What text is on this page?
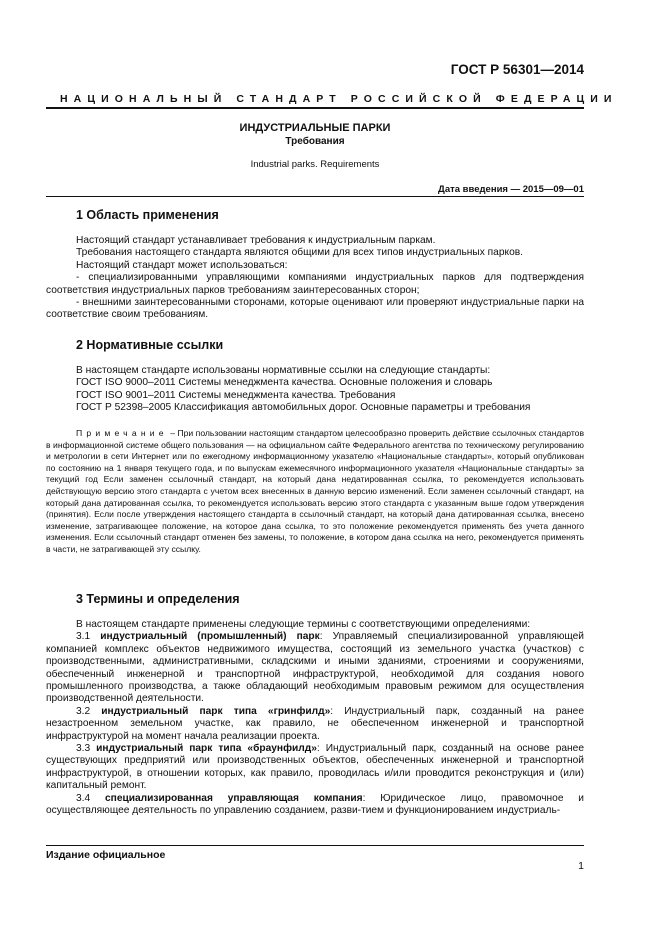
ГОСТ Р 56301—2014
НАЦИОНАЛЬНЫЙ СТАНДАРТ РОССИЙСКОЙ ФЕДЕРАЦИИ
ИНДУСТРИАЛЬНЫЕ ПАРКИ
Требования
Industrial parks. Requirements
Дата введения — 2015—09—01
1 Область применения
Настоящий стандарт устанавливает требования к индустриальным паркам.
Требования настоящего стандарта являются общими для всех типов индустриальных парков.
Настоящий стандарт может использоваться:
- специализированными управляющими компаниями индустриальных парков для подтверждения соответствия индустриальных парков требованиям заинтересованных сторон;
- внешними заинтересованными сторонами, которые оценивают или проверяют индустриальные парки на соответствие своим требованиям.
2 Нормативные ссылки
В настоящем стандарте использованы нормативные ссылки на следующие стандарты:
ГОСТ ISO 9000–2011 Системы менеджмента качества. Основные положения и словарь
ГОСТ ISO 9001–2011 Системы менеджмента качества. Требования
ГОСТ Р 52398–2005 Классификация автомобильных дорог. Основные параметры и требования
Примечание – При пользовании настоящим стандартом целесообразно проверить действие ссылочных стандартов в информационной системе общего пользования — на официальном сайте Федерального агентства по техническому регулированию и метрологии в сети Интернет или по ежегодному информационному указателю «Национальные стандарты», который опубликован по состоянию на 1 января текущего года, и по выпускам ежемесячного информационного указателя «Национальные стандарты» за текущий год Если заменен ссылочный стандарт, на который дана недатированная ссылка, то рекомендуется использовать действующую версию этого стандарта с учетом всех внесенных в данную версию изменений. Если заменен ссылочный стандарт, на который дана датированная ссылка, то рекомендуется использовать версию этого стандарта с указанным выше годом утверждения (принятия). Если после утверждения настоящего стандарта в ссылочный стандарт, на который дана датированная ссылка, внесено изменение, затрагивающее положение, на которое дана ссылка, то это положение рекомендуется применять без учета данного изменения. Если ссылочный стандарт отменен без замены, то положение, в котором дана ссылка на него, рекомендуется применять в части, не затрагивающей эту ссылку.
3 Термины и определения
В настоящем стандарте применены следующие термины с соответствующими определениями:
3.1 индустриальный (промышленный) парк: Управляемый специализированной управляющей компанией комплекс объектов недвижимого имущества, состоящий из земельного участка (участков) с производственными, административными, складскими и иными зданиями, строениями и сооружениями, обеспеченный инженерной и транспортной инфраструктурой, необходимой для создания нового промышленного производства, а также обладающий необходимым правовым режимом для осуществления производственной деятельности.
3.2 индустриальный парк типа «гринфилд»: Индустриальный парк, созданный на ранее незастроенном земельном участке, как правило, не обеспеченном инженерной и транспортной инфраструктурой на момент начала реализации проекта.
3.3 индустриальный парк типа «браунфилд»: Индустриальный парк, созданный на основе ранее существующих предприятий или производственных объектов, обеспеченных инженерной и транспортной инфраструктурой, в отношении которых, как правило, проводилась и/или проводится реконструкция и (или) капитальный ремонт.
3.4 специализированная управляющая компания: Юридическое лицо, правомочное и осуществляющее деятельность по управлению созданием, разви-тием и функционированием индустриаль-
Издание официальное
1
